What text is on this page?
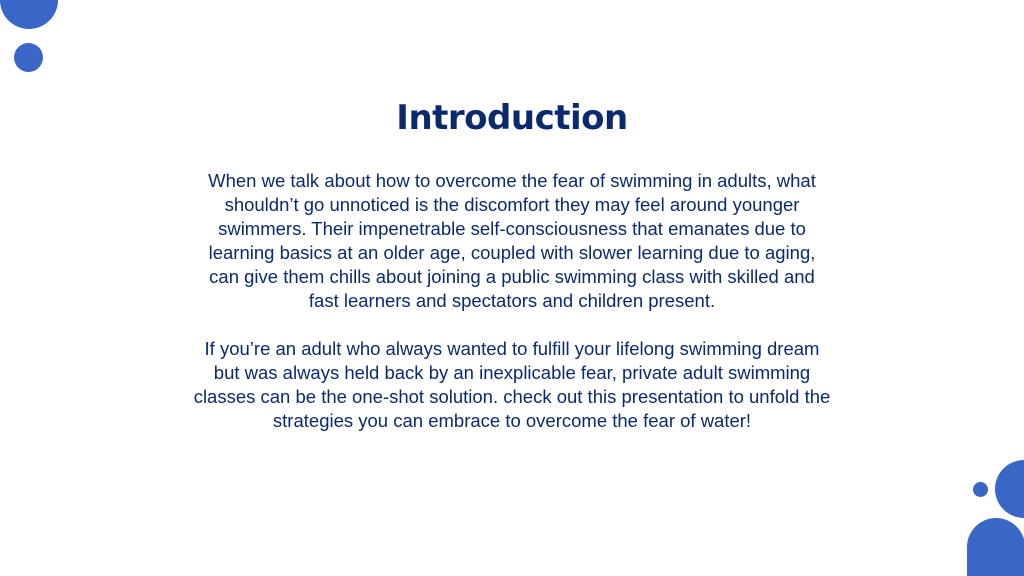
Introduction

When we talk about how to overcome the fear of swimming in adults, what shouldn’t go unnoticed is the discomfort they may feel around younger swimmers. Their impenetrable self-consciousness that emanates due to learning basics at an older age, coupled with slower learning due to aging, can give them chills about joining a public swimming class with skilled and fast learners and spectators and children present.

If you’re an adult who always wanted to fulfill your lifelong swimming dream but was always held back by an inexplicable fear, private adult swimming classes can be the one-shot solution. check out this presentation to unfold the strategies you can embrace to overcome the fear of water!
